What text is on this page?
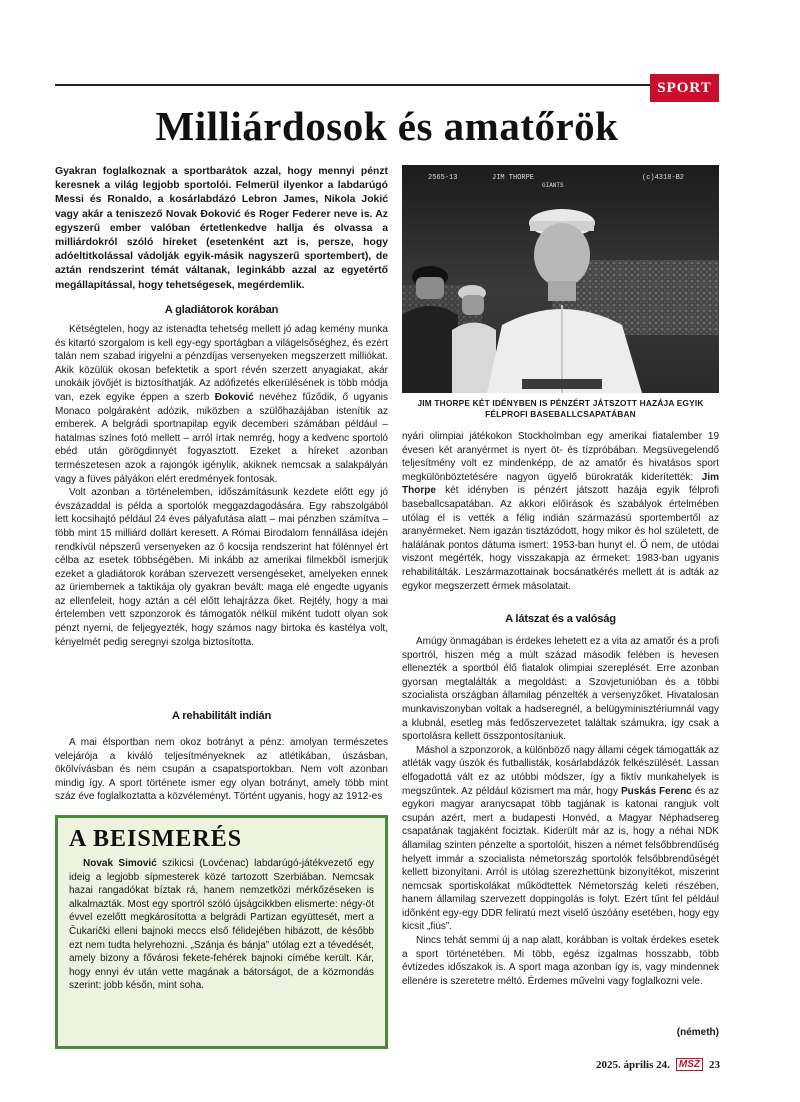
SPORT
Milliárdosok és amatőrök
Gyakran foglalkoznak a sportbarátok azzal, hogy mennyi pénzt keresnek a világ legjobb sportolói. Felmerül ilyenkor a labdarúgó Messi és Ronaldo, a kosárlabdázó Lebron James, Nikola Jokić vagy akár a teniszező Novak Đoković és Roger Federer neve is. Az egyszerű ember valóban értetlenkedve hallja és olvassa a milliárdokról szóló híreket (esetenként azt is, persze, hogy adóeltitkolással vádolják egyik-másik nagyszerű sportembert), de aztán rendszerint témát váltanak, leginkább azzal az egyetértő megállapítással, hogy tehetségesek, megérdemlik.
2565-13	JIM THORPE
GIANTS
(c)4318-B2
JIM THORPE KÉT IDÉNYBEN IS PÉNZÉRT JÁTSZOTT HAZÁJA EGYIK FÉLPROFI BASEBALLCSAPATÁBAN
A gladiátorok korában

Kétségtelen, hogy az istenadta tehetség mellett jó adag kemény munka és kitartó szorgalom is kell egy-egy sportágban a világelsőséghez, és ezért talán nem szabad irigyelni a pénzdíjas versenyeken megszerzett milliókat. Akik közülük okosan befektetik a sport révén szerzett anyagiakat, akár unokáik jövőjét is biztosíthatják. Az adófizetés elkerülésének is több módja van, ezek egyike éppen a szerb Đoković nevéhez fűződik, ő ugyanis Monaco polgáraként adózik, miközben a szülőhazájában istenítik az emberek. A belgrádi sportnapilap egyik decemberi számában például – hatalmas színes fotó mellett – arról írtak nemrég, hogy a kedvenc sportoló ebéd után görögdinnyét fogyasztott. Ezeket a híreket azonban természetesen azok a rajongók igénylik, akiknek nemcsak a salakpályán vagy a füves pályákon elért eredmények fontosak.

Volt azonban a történelemben, időszámításunk kezdete előtt egy jó évszázaddal is példa a sportolók meggazdagodására. Egy rabszolgából lett kocsihajtó például 24 éves pályafutása alatt – mai pénzben számítva – több mint 15 milliárd dollárt keresett. A Római Birodalom fennállása idején rendkívül népszerű versenyeken az ő kocsija rendszerint hat fólénnyel ért célba az esetek többségében. Mi inkább az amerikai filmekből ismerjük ezeket a gladiátorok korában szervezett versengéseket, amelyeken ennek az üriembernek a taktikája oly gyakran bevált: maga elé engedte ugyanis az ellenfeleit, hogy aztán a cél előtt lehajrázza őket. Rejtély, hogy a mai értelemben vett szponzorok és támogatók nélkül miként tudott olyan sok pénzt nyerni, de feljegyezték, hogy számos nagy birtoka és kastélya volt, kényelmét pedig seregnyi szolga biztosította.

A rehabilitált indián

A mai élsportban nem okoz botrányt a pénz: amolyan természetes velejárója a kiváló teljesítményeknek az atlétikában, úszásban, ökölvívásban és nem csupán a csapatsportokban. Nem volt azonban mindig így. A sport története ismer egy olyan botrányt, amely több mint száz éve foglalkoztatta a közvéleményt. Történt ugyanis, hogy az 1912-es

nyári olimpiai játékokon Stockholmban egy amerikai fiatalember 19 évesen két aranyérmet is nyert öt- és tízpróbában. Megsüvegelendő teljesítmény volt ez mindenképp, de az amatőr és hivatásos sport megkülönböztetésére nagyon ügyelő bürokraták kiderítették: Jim Thorpe két idényben is pénzért játszott hazája egyik félprofi baseballcsapatában. Az akkori előírások és szabályok értelmében utólag el is vették a félig indián származású sportembertől az aranyérmeket. Nem igazán tisztázódott, hogy mikor és hol született, de halálának pontos dátuma ismert: 1953-ban hunyt el. Ő nem, de utódai viszont megérték, hogy visszakapja az érmeket: 1983-ban ugyanis rehabilitálták. Leszármazottainak bocsánatkérés mellett át is adták az egykor megszerzett érmek másolatait.

A látszat és a valóság

Amúgy önmagában is érdekes lehetett ez a vita az amatőr és a profi sportról, hiszen még a múlt század második felében is hevesen ellenezték a sportból élő fiatalok olimpiai szereplését. Erre azonban gyorsan megtalálták a megoldást: a Szovjetunióban és a többi szocialista országban államilag pénzelték a versenyzőket. Hivatalosan munkaviszonyban voltak a hadseregnél, a belügyminisztériumnál vagy a klubnál, esetleg más fedőszervezetet találtak számukra, így csak a sportolásra kellett összpontosítaniuk.

Máshol a szponzorok, a különböző nagy állami cégek támogatták az atléták vagy úszók és futballisták, kosárlabdázók felkészülését. Lassan elfogadottá vált ez az utóbbi módszer, így a fiktív munkahelyek is megszűntek. Az például közismert ma már, hogy Puskás Ferenc és az egykori magyar aranycsapat több tagjának is katonai rangjuk volt csupán azért, mert a budapesti Honvéd, a Magyar Néphadsereg csapatának tagjaként fociztak. Kiderült már az is, hogy a néhai NDK államilag szinten pénzelte a sportolóit, hiszen a német felsőbbrendűség helyett immár a szocialista németország sportolók felsőbbrendűségét kellett bizonyítani. Arról is utólag szerezhettünk bizonyítékot, miszerint nemcsak sportiskolákat működtettek Németország keleti részében, hanem államilag szervezett doppingolás is folyt. Ezért tűnt fel például időnként egy-egy DDR feliratú mezt viselő úszóány esetében, hogy egy kicsit „fiús”.

Nincs tehát semmi új a nap alatt, korábban is voltak érdekes esetek a sport történetében. Mi több, egész izgalmas hosszabb, több évtizedes időszakok is. A sport maga azonban így is, vagy mindennek ellenére is szeretetre méltó. Érdemes művelni vagy foglalkozni vele.

(németh)
A BEISMERÉS

Novak Simović szikicsi (Lovćenac) labdarúgó-játékvezető egy ideig a legjobb sípmesterek közé tartozott Szerbiában. Nemcsak hazai rangadókat bíztak rá, hanem nemzetközi mérkőzéseken is alkalmazták. Most egy sportról szóló újságcikkben elismerte: négy-öt évvel ezelőtt megkárosította a belgrádi Partizan együttesét, mert a Čukarički elleni bajnoki meccs első félidejében hibázott, de később ezt nem tudta helyrehozni. „Szánja és bánja” utólag ezt a tévedését, amely bizony a fővárosi fekete-fehérek bajnoki címébe került. Kár, hogy ennyi év után vette magának a bátorságot, de a közmondás szerint: jobb későn, mint soha.

2025. április 24. MSZ 23
